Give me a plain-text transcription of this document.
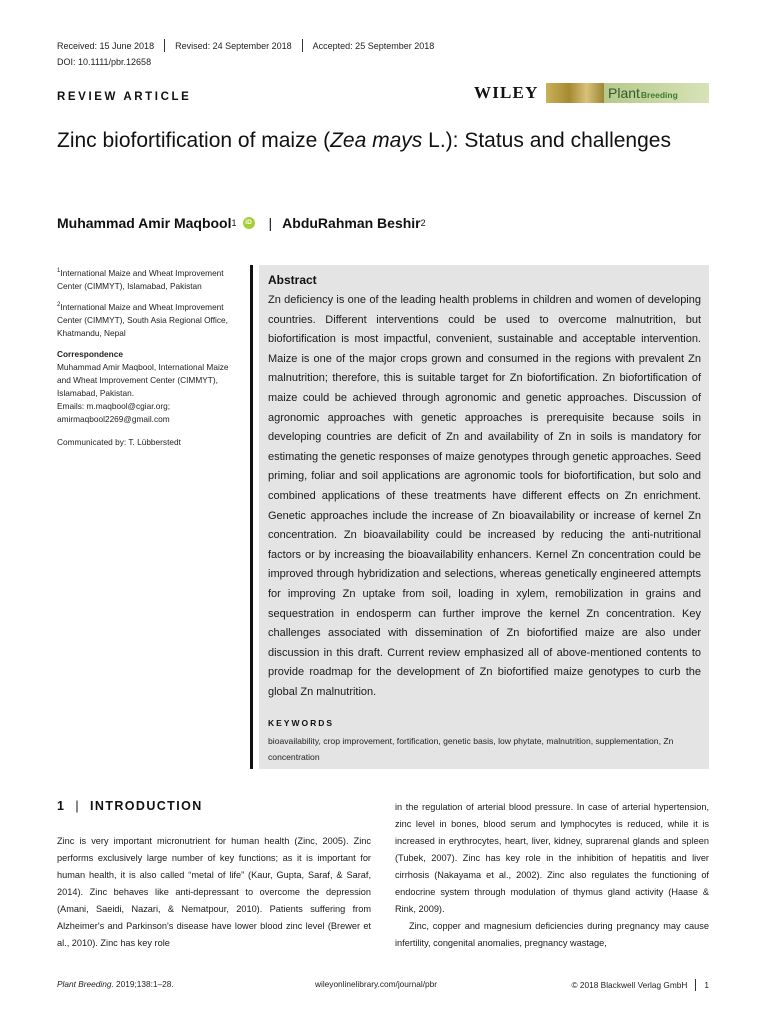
Received: 15 June 2018 Revised: 24 September 2018 Accepted: 25 September 2018
DOI: 10.1111/pbr.12658
REVIEW ARTICLE	WILEY	Plant Breeding
Zinc biofortification of maize (Zea mays L.): Status and challenges
Muhammad Amir Maqbool 1	iD | AbduRahman Beshir 2

$^1$International Maize and Wheat Improvement Center (CIMMYT), Islamabad, Pakistan

$^2$International Maize and Wheat Improvement Center (CIMMYT), South Asia Regional Office, Khatmandu, Nepal

Correspondence

Muhammad Amir Maqbool, International Maize and Wheat Improvement Center (CIMMYT), Islamabad, Pakistan.

Emails: m.maqbool@cgiar.org; amirmaqbool2269@gmail.com

Communicated by: T. Lübberstedt

Abstract
Zn deficiency is one of the leading health problems in children and women of developing countries. Different interventions could be used to overcome malnutrition, but biofortification is most impactful, convenient, sustainable and acceptable intervention. Maize is one of the major crops grown and consumed in the regions with prevalent Zn malnutrition; therefore, this is suitable target for Zn biofortification. Zn biofortification of maize could be achieved through agronomic and genetic approaches. Discussion of agronomic approaches with genetic approaches is prerequisite because soils in developing countries are deficit of Zn and availability of Zn in soils is mandatory for estimating the genetic responses of maize genotypes through genetic approaches. Seed priming, foliar and soil applications are agronomic tools for biofortification, but solo and combined applications of these treatments have different effects on Zn enrichment. Genetic approaches include the increase of Zn bioavailability or increase of kernel Zn concentration. Zn bioavailability could be increased by reducing the anti-nutritional factors or by increasing the bioavailability enhancers. Kernel Zn concentration could be improved through hybridization and selections, whereas genetically engineered attempts for improving Zn uptake from soil, loading in xylem, remobilization in grains and sequestration in endosperm can further improve the kernel Zn concentration. Key challenges associated with dissemination of Zn biofortified maize are also under discussion in this draft. Current review emphasized all of above-mentioned contents to provide roadmap for the development of Zn biofortified maize genotypes to curb the global Zn malnutrition.
KEYWORDS
bioavailability, crop improvement, fortification, genetic basis, low phytate, malnutrition, supplementation, Zn concentration
1 | INTRODUCTION

Zinc is very important micronutrient for human health (Zinc, 2005). Zinc performs exclusively large number of key functions; as it is important for human health, it is also called “metal of life” (Kaur, Gupta, Saraf, & Saraf, 2014). Zinc behaves like anti-depressant to overcome the depression (Amani, Saeidi, Nazari, & Nematpour, 2010). Patients suffering from Alzheimer's and Parkinson's disease have lower blood zinc level (Brewer et al., 2010). Zinc has key role

in the regulation of arterial blood pressure. In case of arterial hypertension, zinc level in bones, blood serum and lymphocytes is reduced, while it is increased in erythrocytes, heart, liver, kidney, suprarenal glands and spleen (Tubek, 2007). Zinc has key role in the inhibition of hepatitis and liver cirrhosis (Nakayama et al., 2002). Zinc also regulates the functioning of endocrine system through modulation of thymus gland activity (Haase & Rink, 2009).

Zinc, copper and magnesium deficiencies during pregnancy may cause infertility, congenital anomalies, pregnancy wastage,

Plant Breeding. 2019;138:1–28.	wileyonlinelibrary.com/journal/pbr	© 2018 Blackwell Verlag GmbH 1
